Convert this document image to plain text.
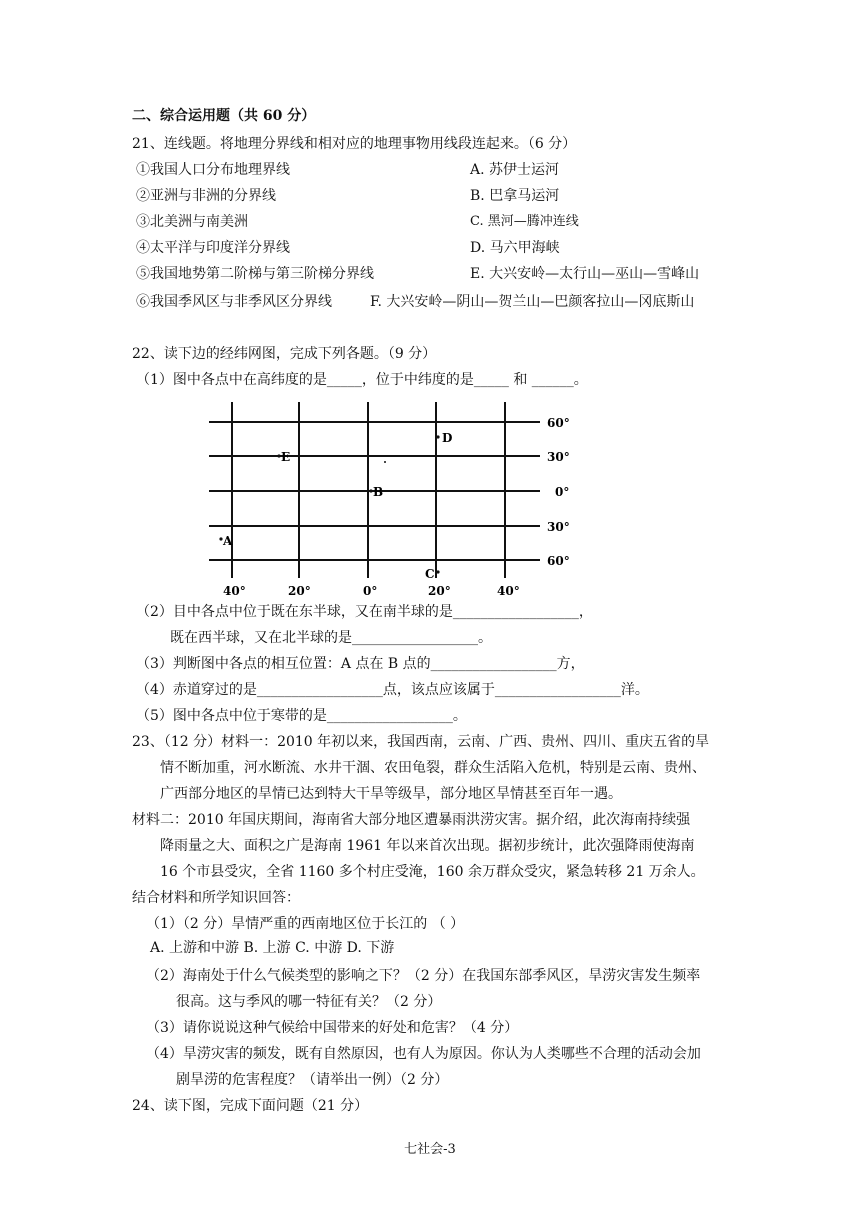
二、综合运用题（共 60 分）
21、连线题。将地理分界线和相对应的地理事物用线段连起来。（6 分）
①我国人口分布地理界线
②亚洲与非洲的分界线
③北美洲与南美洲
④太平洋与印度洋分界线
⑤我国地势第二阶梯与第三阶梯分界线
⑥我国季风区与非季风区分界线
A. 苏伊士运河
B. 巴拿马运河
C. 黑河—腾冲连线
D. 马六甲海峡
E. 大兴安岭—太行山—巫山—雪峰山
F. 大兴安岭—阴山—贺兰山—巴颜客拉山—冈底斯山
22、读下边的经纬网图，完成下列各题。（9 分）
（1）图中各点中在高纬度的是_____，位于中纬度的是_____ 和 ______。
60°
30°
0°
30°
60°
40°	20°	0°	20°	40°
A
B
C
D
E
（2）目中各点中位于既在东半球，又在南半球的是__________________，
既在西半球，又在北半球的是__________________。
（3）判断图中各点的相互位置：A 点在 B 点的__________________方，
（4）赤道穿过的是__________________点，该点应该属于__________________洋。
（5）图中各点中位于寒带的是__________________。
23、（12 分）材料一：2010 年初以来，我国西南，云南、广西、贵州、四川、重庆五省的旱
情不断加重，河水断流、水井干涸、农田龟裂，群众生活陷入危机，特别是云南、贵州、
广西部分地区的旱情已达到特大干旱等级旱，部分地区旱情甚至百年一遇。
材料二：2010 年国庆期间，海南省大部分地区遭暴雨洪涝灾害。据介绍，此次海南持续强
降雨量之大、面积之广是海南 1961 年以来首次出现。据初步统计，此次强降雨使海南
16 个市县受灾，全省 1160 多个村庄受淹，160 余万群众受灾，紧急转移 21 万余人。
结合材料和所学知识回答：
（1）（2 分）旱情严重的西南地区位于长江的 （ ）
A. 上游和中游 B. 上游 C. 中游 D. 下游
（2）海南处于什么气候类型的影响之下？（2 分）在我国东部季风区，旱涝灾害发生频率
很高。这与季风的哪一特征有关？（2 分）
（3）请你说说这种气候给中国带来的好处和危害？（4 分）
（4）旱涝灾害的频发，既有自然原因，也有人为原因。你认为人类哪些不合理的活动会加
剧旱涝的危害程度？（请举出一例）（2 分）
24、读下图，完成下面问题（21 分）
七社会-3
